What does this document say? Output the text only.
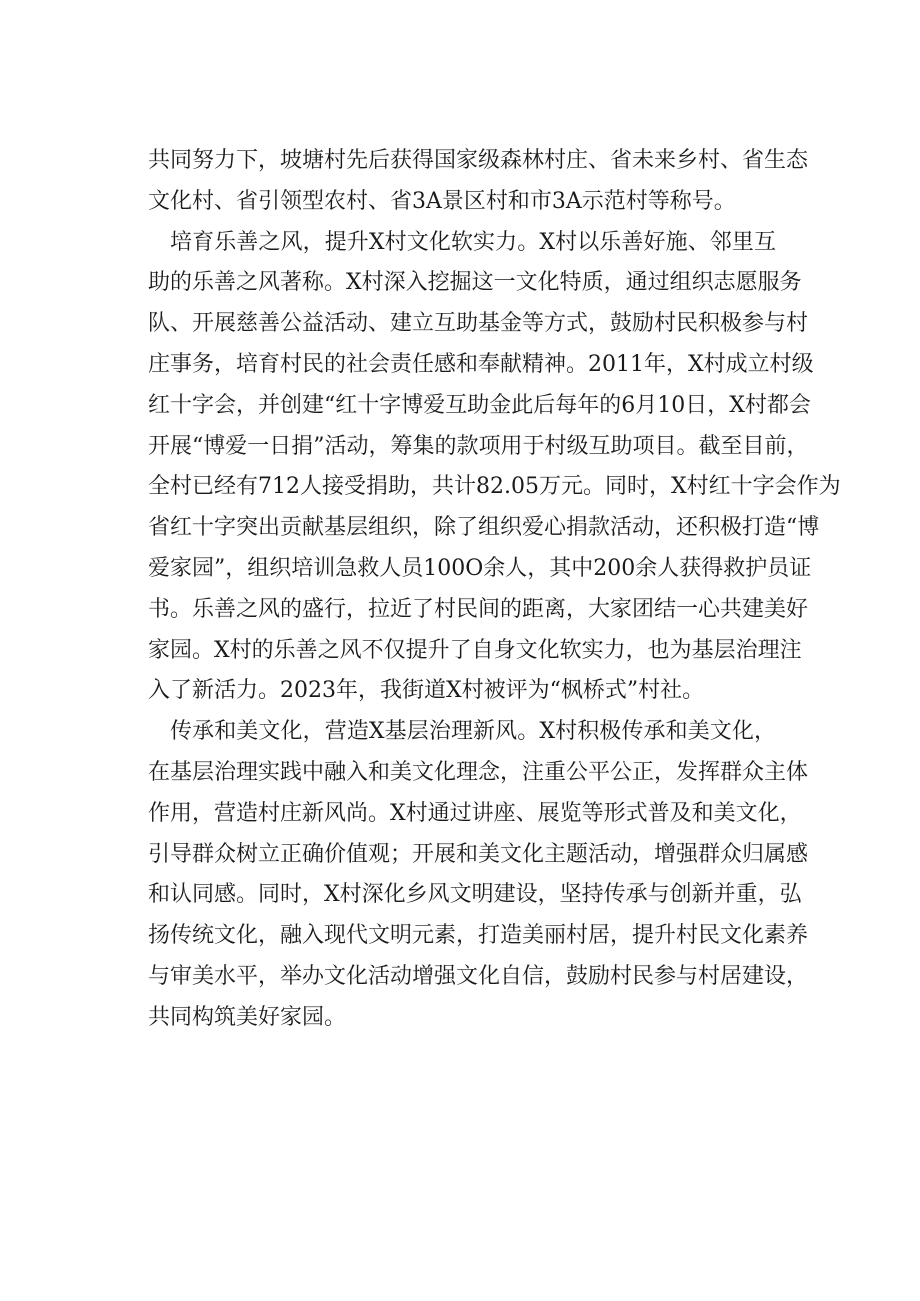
共同努力下，坡塘村先后获得国家级森林村庄、省未来乡村、省生态
文化村、省引领型农村、省3A景区村和市3A示范村等称号。
培育乐善之风，提升X村文化软实力。X村以乐善好施、邻里互
助的乐善之风著称。X村深入挖掘这一文化特质，通过组织志愿服务
队、开展慈善公益活动、建立互助基金等方式，鼓励村民积极参与村
庄事务，培育村民的社会责任感和奉献精神。2011年，X村成立村级
红十字会，并创建“红十字博爱互助金此后每年的6月10日，X村都会
开展“博爱一日捐”活动，筹集的款项用于村级互助项目。截至目前，
全村已经有712人接受捐助，共计82.05万元。同时，X村红十字会作为
省红十字突出贡献基层组织，除了组织爱心捐款活动，还积极打造“博
爱家园”，组织培训急救人员100O余人，其中200余人获得救护员证
书。乐善之风的盛行，拉近了村民间的距离，大家团结一心共建美好
家园。X村的乐善之风不仅提升了自身文化软实力，也为基层治理注
入了新活力。2023年，我街道X村被评为“枫桥式”村社。
传承和美文化，营造X基层治理新风。X村积极传承和美文化，
在基层治理实践中融入和美文化理念，注重公平公正，发挥群众主体
作用，营造村庄新风尚。X村通过讲座、展览等形式普及和美文化，
引导群众树立正确价值观；开展和美文化主题活动，增强群众归属感
和认同感。同时，X村深化乡风文明建设，坚持传承与创新并重，弘
扬传统文化，融入现代文明元素，打造美丽村居，提升村民文化素养
与审美水平，举办文化活动增强文化自信，鼓励村民参与村居建设，
共同构筑美好家园。
